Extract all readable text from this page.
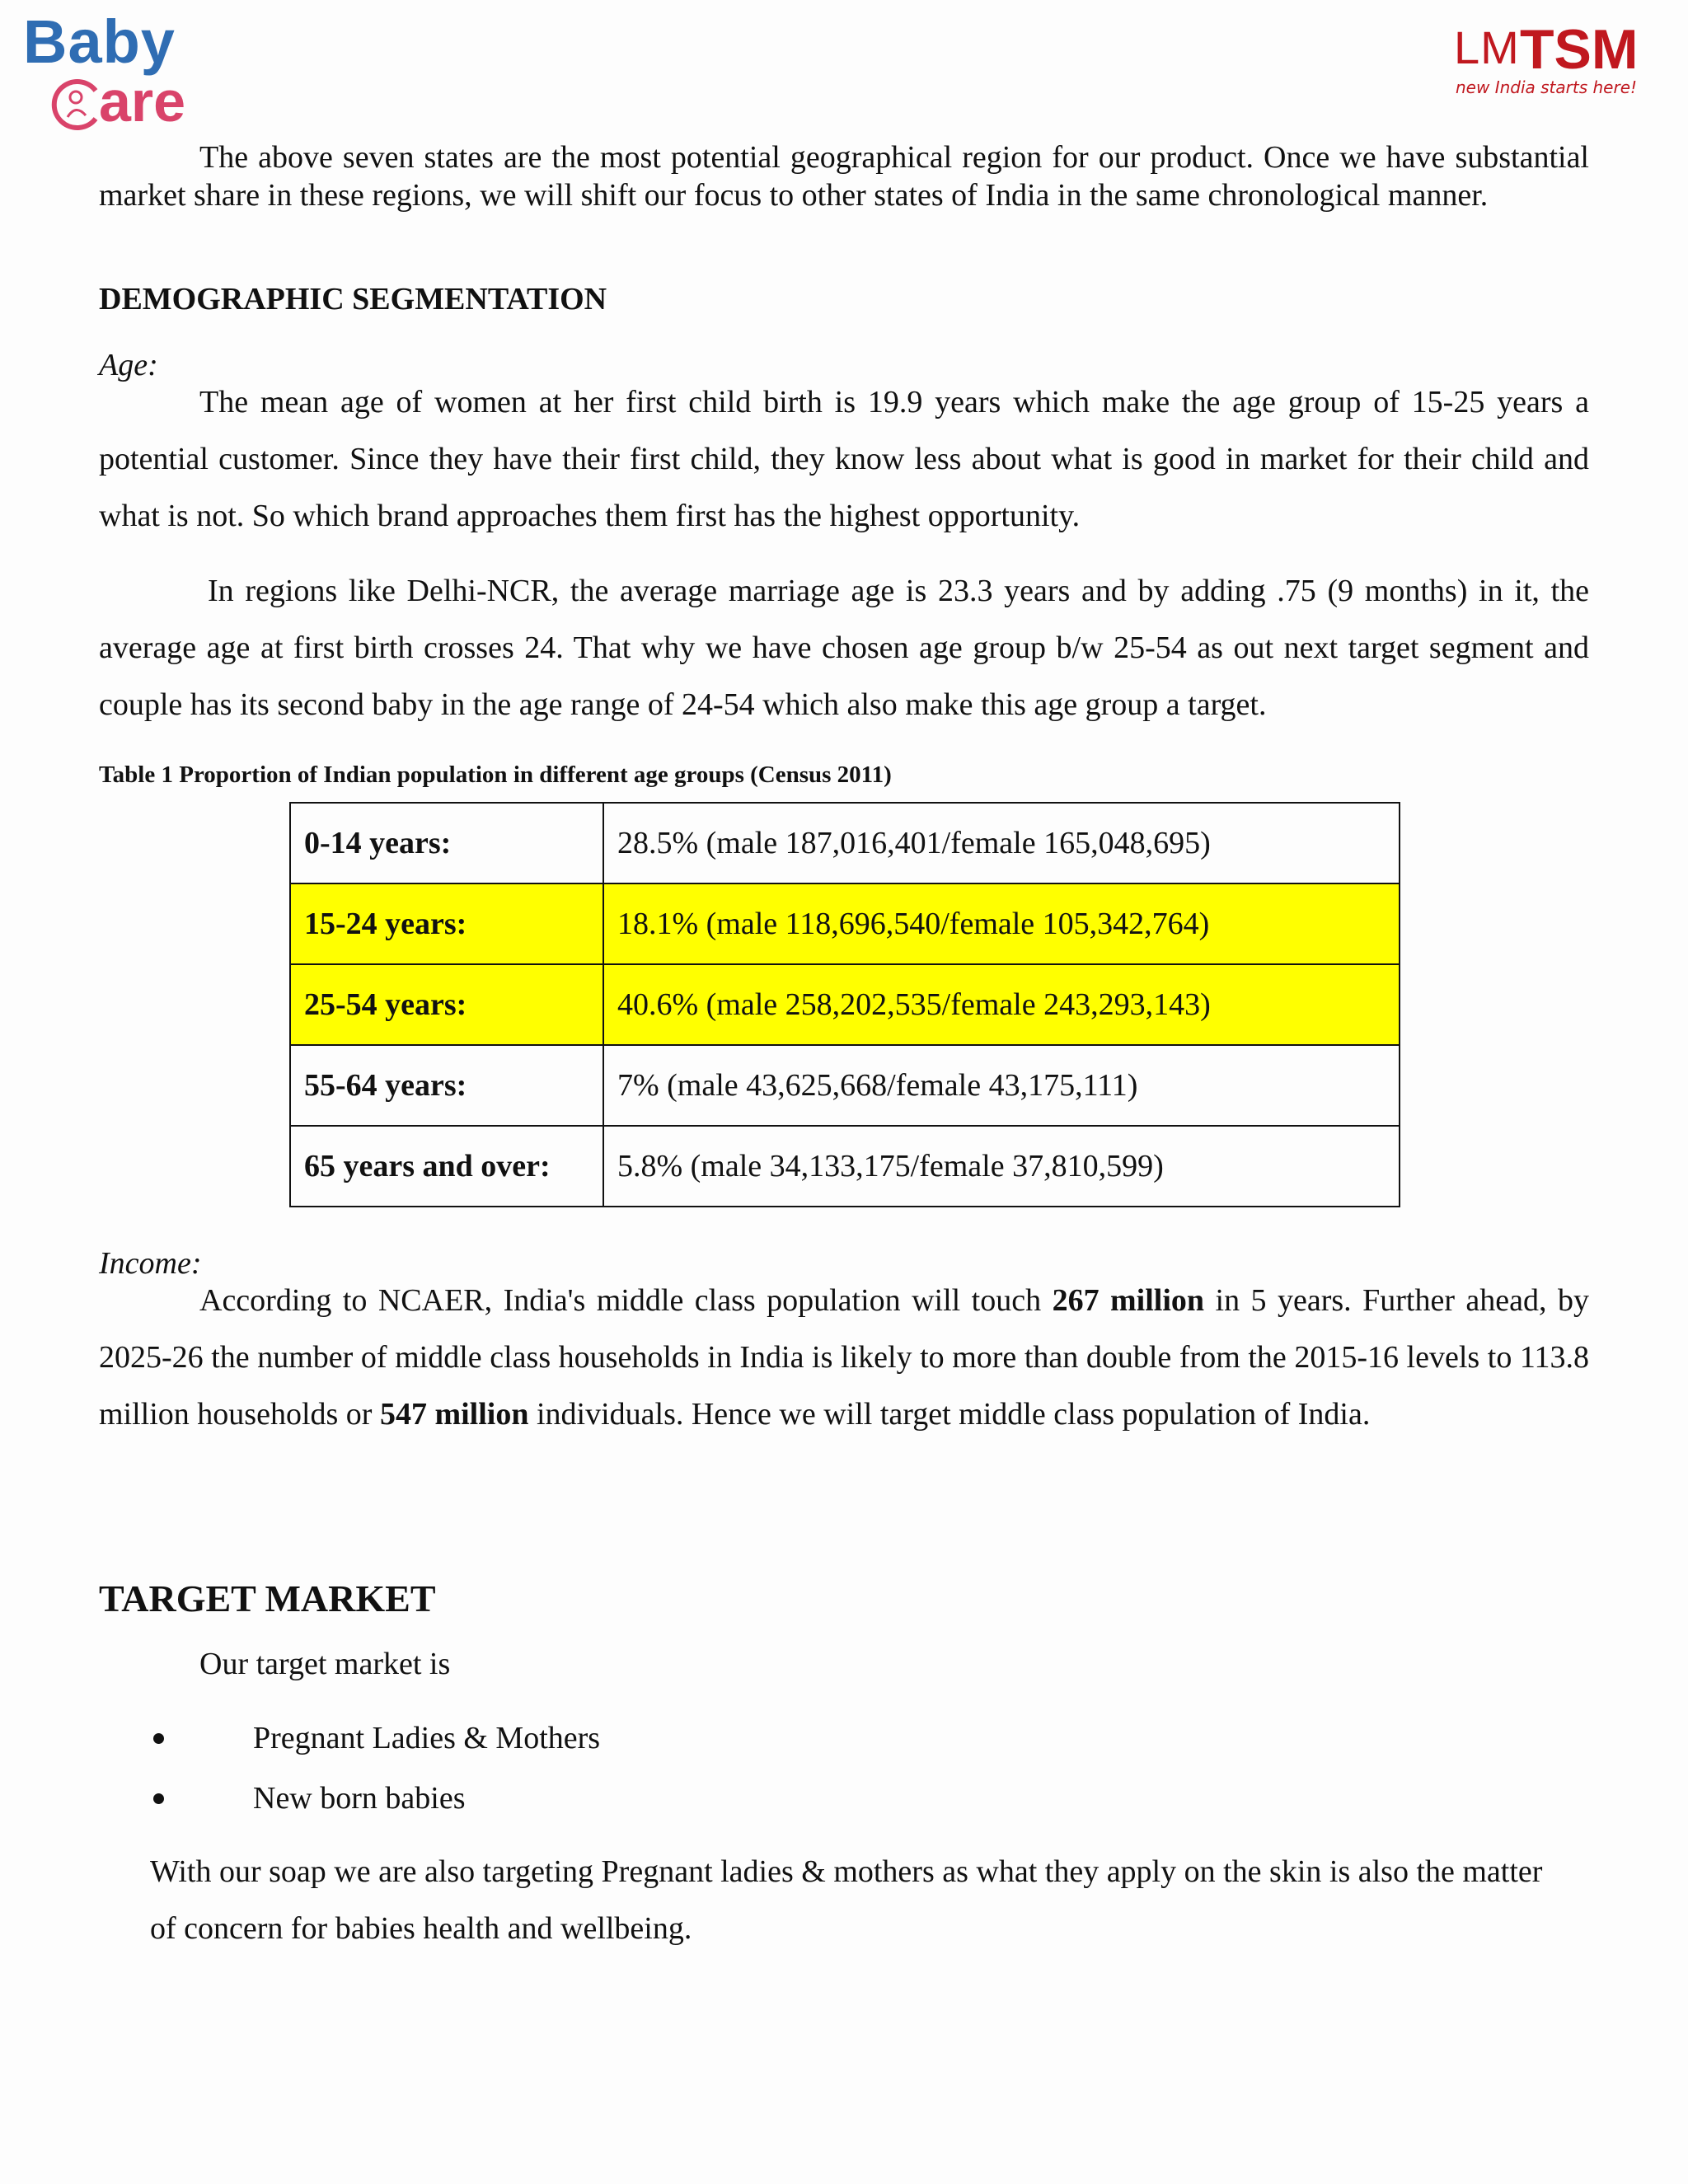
Baby
are
LM TSM
new India starts here!

The above seven states are the most potential geographical region for our product. Once we have substantial market share in these regions, we will shift our focus to other states of India in the same chronological manner.

DEMOGRAPHIC SEGMENTATION
Age:

The mean age of women at her first child birth is 19.9 years which make the age group of 15-25 years a potential customer. Since they have their first child, they know less about what is good in market for their child and what is not. So which brand approaches them first has the highest opportunity.

In regions like Delhi-NCR, the average marriage age is 23.3 years and by adding .75 (9 months) in it, the average age at first birth crosses 24. That why we have chosen age group b/w 25-54 as out next target segment and couple has its second baby in the age range of 24-54 which also make this age group a target.

Table 1 Proportion of Indian population in different age groups (Census 2011)
0-14 years:	28.5% (male 187,016,401/female 165,048,695)
15-24 years:	18.1% (male 118,696,540/female 105,342,764)
25-54 years:	40.6% (male 258,202,535/female 243,293,143)
55-64 years:	7% (male 43,625,668/female 43,175,111)
65 years and over:	5.8% (male 34,133,175/female 37,810,599)
Income:

According to NCAER, India's middle class population will touch 267 million in 5 years. Further ahead, by 2025-26 the number of middle class households in India is likely to more than double from the 2015-16 levels to 113.8 million households or 547 million individuals. Hence we will target middle class population of India.

TARGET MARKET
Our target market is
Pregnant Ladies & Mothers
New born babies

With our soap we are also targeting Pregnant ladies & mothers as what they apply on the skin is also the matter of concern for babies health and wellbeing.
